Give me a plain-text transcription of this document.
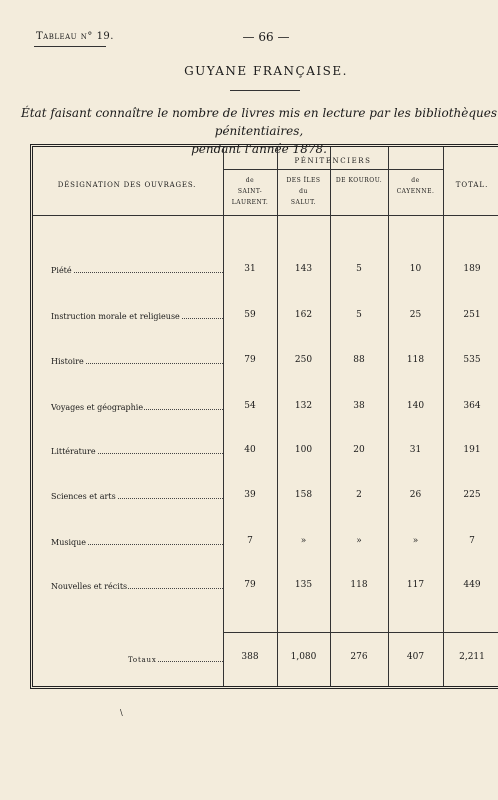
Tableau n° 19.	— 66 —
GUYANE FRANÇAISE.
État faisant connaître le nombre de livres mis en lecture par les bibliothèques pénitentiaires,
pendant l'année 1878.
DÉSIGNATION DES OUVRAGES.
PÉNITENCIERS
TOTAL.
de
SAINT-
LAURENT.
DES ÎLES
du
SALUT.
DE KOUROU.	de
CAYENNE.
Piété	31	143	5	10	189
Instruction morale et religieuse	59	162	5	25	251
Histoire	79	250	88	118	535
Voyages et géographie	54	132	38	140	364
Littérature	40	100	20	31	191
Sciences et arts	39	158	2	26	225
Musique	7	»	»	»	7
Nouvelles et récits	79	135	118	117	449
Totaux	388	1,080	276	407	2,211
\
